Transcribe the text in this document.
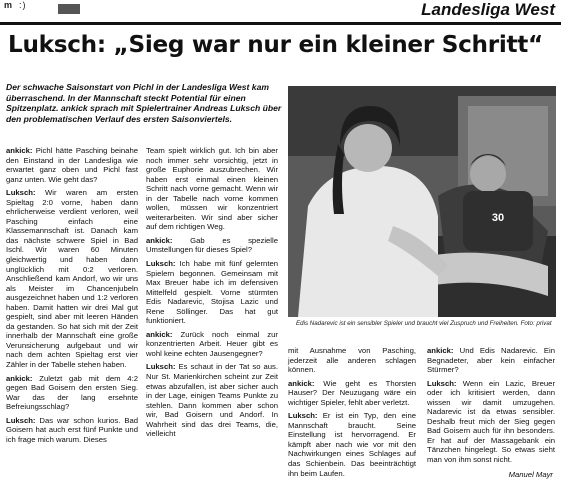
m :)	Landesliga West
Luksch: „Sieg war nur ein kleiner Schritt“
Der schwache Saisonstart von Pichl in der Landesliga West kam überraschend. In der Mannschaft steckt Potential für einen Spitzenplatz. ankick sprach mit Spielertrainer Andreas Luksch über den problematischen Verlauf des ersten Saisonviertels.

ankick: Pichl hätte Pasching beinahe den Einstand in der Landesliga wie erwartet ganz oben und Pichl fast ganz unten. Wie geht das?

Luksch: Wir waren am ersten Spieltag 2:0 vorne, haben dann ehrlicherweise verdient verloren, weil Pasching einfach eine Klassemannschaft ist. Danach kam das nächste schwere Spiel in Bad Ischl. Wir waren 60 Minuten gleichwertig und haben dann unglücklich mit 0:2 verloren. Anschließend kam Andorf, wo wir uns als Meister im Chancenjubeln ausgezeichnet haben und 1:2 verloren haben. Damit hatten wir drei Mal gut gespielt, sind aber mit leeren Händen da gestanden. So hat sich mit der Zeit innerhalb der Mannschaft eine große Verunsicherung aufgebaut und wir nach dem achten Spieltag erst vier Zähler in der Tabelle stehen haben.

ankick: Zuletzt gab mit dem 4:2 gegen Bad Goisern den ersten Sieg. War das der lang ersehnte Befreiungsschlag?

Luksch: Das war schon kurios. Bad Goisern hat auch erst fünf Punkte und ich frage mich warum. Dieses

Team spielt wirklich gut. Ich bin aber noch immer sehr vorsichtig, jetzt in große Euphorie auszubrechen. Wir haben erst einmal einen kleinen Schritt nach vorne gemacht. Wenn wir in der Tabelle nach vorne kommen wollen, müssen wir konzentriert weiterarbeiten. Wir sind aber sicher auf dem richtigen Weg.

ankick: Gab es spezielle Umstellungen für dieses Spiel?

Luksch: Ich habe mit fünf gelernten Spielern begonnen. Gemeinsam mit Max Breuer habe ich im defensiven Mittelfeld gespielt. Vorne stürmten Edis Nadarevic, Stojisa Lazic und Rene Söllinger. Das hat gut funktioniert.

ankick: Zurück noch einmal zur konzentrierten Arbeit. Heuer gibt es wohl keine echten Jausengegner?

Luksch: Es schaut in der Tat so aus. Nur St. Marienkirchen scheint zur Zeit etwas abzufallen, ist aber sicher auch in der Lage, einigen Teams Punkte zu stehlen. Dann kommen aber schon wir, Bad Goisern und Andorf. In Wahrheit sind das drei Teams, die, vielleicht

30
Edis Nadarevic ist ein sensibler Spieler und braucht viel Zuspruch und Freiheiten. Foto: privat

mit Ausnahme von Pasching, jederzeit alle anderen schlagen können.

ankick: Wie geht es Thorsten Hauser? Der Neuzugang wäre ein wichtiger Spieler, fehlt aber verletzt.

Luksch: Er ist ein Typ, den eine Mannschaft braucht. Seine Einstellung ist hervorragend. Er kämpft aber nach wie vor mit den Nachwirkungen eines Schlages auf das Schienbein. Das beeinträchtigt ihn beim Laufen.

ankick: Und Edis Nadarevic. Ein Begnadeter, aber kein einfacher Stürmer?

Luksch: Wenn ein Lazic, Breuer oder ich kritisiert werden, dann wissen wir damit umzugehen. Nadarevic ist da etwas sensibler. Deshalb freut mich der Sieg gegen Bad Goisern auch für ihn besonders. Er hat auf der Massagebank ein Tänzchen hingelegt. So etwas sieht man von ihm sonst nicht.

Manuel Mayr
